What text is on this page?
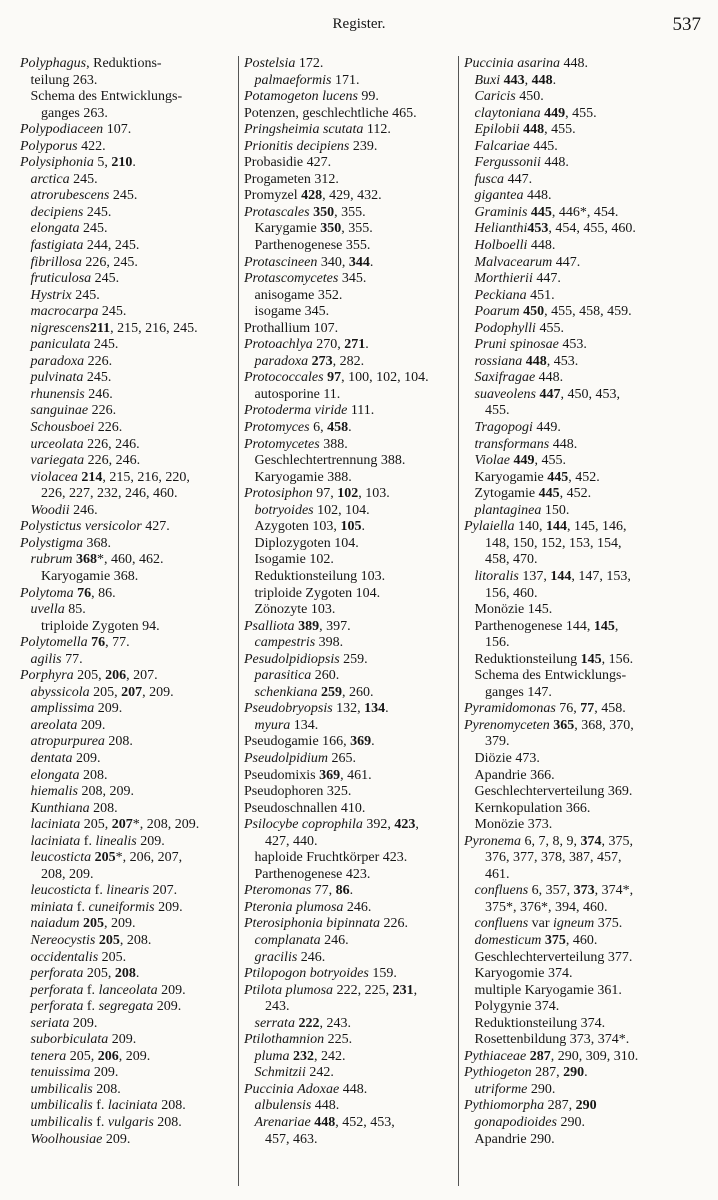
Register.	537
Polyphagus, Reduktions-
teilung 263.
Schema des Entwicklungs-
ganges 263.
Polypodiaceen 107.
Polyporus 422.
Polysiphonia 5, 210.
arctica 245.
atrorubescens 245.
decipiens 245.
elongata 245.
fastigiata 244, 245.
fibrillosa 226, 245.
fruticulosa 245.
Hystrix 245.
macrocarpa 245.
nigrescens211, 215, 216, 245.
paniculata 245.
paradoxa 226.
pulvinata 245.
rhunensis 246.
sanguinae 226.
Schousboei 226.
urceolata 226, 246.
variegata 226, 246.
violacea 214, 215, 216, 220,
226, 227, 232, 246, 460.
Woodii 246.
Polystictus versicolor 427.
Polystigma 368.
rubrum 368*, 460, 462.
Karyogamie 368.
Polytoma 76, 86.
uvella 85.
triploide Zygoten 94.
Polytomella 76, 77.
agilis 77.
Porphyra 205, 206, 207.
abyssicola 205, 207, 209.
amplissima 209.
areolata 209.
atropurpurea 208.
dentata 209.
elongata 208.
hiemalis 208, 209.
Kunthiana 208.
laciniata 205, 207*, 208, 209.
laciniata f. linealis 209.
leucosticta 205*, 206, 207,
208, 209.
leucosticta f. linearis 207.
miniata f. cuneiformis 209.
naiadum 205, 209.
Nereocystis 205, 208.
occidentalis 205.
perforata 205, 208.
perforata f. lanceolata 209.
perforata f. segregata 209.
seriata 209.
suborbiculata 209.
tenera 205, 206, 209.
tenuissima 209.
umbilicalis 208.
umbilicalis f. laciniata 208.
umbilicalis f. vulgaris 208.
Woolhousiae 209.
Postelsia 172.
palmaeformis 171.
Potamogeton lucens 99.
Potenzen, geschlechtliche 465.
Pringsheimia scutata 112.
Prionitis decipiens 239.
Probasidie 427.
Progameten 312.
Promyzel 428, 429, 432.
Protascales 350, 355.
Karygamie 350, 355.
Parthenogenese 355.
Protascineen 340, 344.
Protascomycetes 345.
anisogame 352.
isogame 345.
Prothallium 107.
Protoachlya 270, 271.
paradoxa 273, 282.
Protococcales 97, 100, 102, 104.
autosporine 11.
Protoderma viride 111.
Protomyces 6, 458.
Protomycetes 388.
Geschlechtertrennung 388.
Karyogamie 388.
Protosiphon 97, 102, 103.
botryoides 102, 104.
Azygoten 103, 105.
Diplozygoten 104.
Isogamie 102.
Reduktionsteilung 103.
triploide Zygoten 104.
Zönozyte 103.
Psalliota 389, 397.
campestris 398.
Pesudolpidiopsis 259.
parasitica 260.
schenkiana 259, 260.
Pseudobryopsis 132, 134.
myura 134.
Pseudogamie 166, 369.
Pseudolpidium 265.
Pseudomixis 369, 461.
Pseudophoren 325.
Pseudoschnallen 410.
Psilocybe coprophila 392, 423,
427, 440.
haploide Fruchtkörper 423.
Parthenogenese 423.
Pteromonas 77, 86.
Pteronia plumosa 246.
Pterosiphonia bipinnata 226.
complanata 246.
gracilis 246.
Ptilopogon botryoides 159.
Ptilota plumosa 222, 225, 231,
243.
serrata 222, 243.
Ptilothamnion 225.
pluma 232, 242.
Schmitzii 242.
Puccinia Adoxae 448.
albulensis 448.
Arenariae 448, 452, 453,
457, 463.
Puccinia asarina 448.
Buxi 443, 448.
Caricis 450.
claytoniana 449, 455.
Epilobii 448, 455.
Falcariae 445.
Fergussonii 448.
fusca 447.
gigantea 448.
Graminis 445, 446*, 454.
Helianthi453, 454, 455, 460.
Holboelli 448.
Malvacearum 447.
Morthierii 447.
Peckiana 451.
Poarum 450, 455, 458, 459.
Podophylli 455.
Pruni spinosae 453.
rossiana 448, 453.
Saxifragae 448.
suaveolens 447, 450, 453,
455.
Tragopogi 449.
transformans 448.
Violae 449, 455.
Karyogamie 445, 452.
Zytogamie 445, 452.
plantaginea 150.
Pylaiella 140, 144, 145, 146,
148, 150, 152, 153, 154,
458, 470.
litoralis 137, 144, 147, 153,
156, 460.
Monözie 145.
Parthenogenese 144, 145,
156.
Reduktionsteilung 145, 156.
Schema des Entwicklungs-
ganges 147.
Pyramidomonas 76, 77, 458.
Pyrenomyceten 365, 368, 370,
379.
Diözie 473.
Apandrie 366.
Geschlechterverteilung 369.
Kernkopulation 366.
Monözie 373.
Pyronema 6, 7, 8, 9, 374, 375,
376, 377, 378, 387, 457,
461.
confluens 6, 357, 373, 374*,
375*, 376*, 394, 460.
confluens var igneum 375.
domesticum 375, 460.
Geschlechterverteilung 377.
Karyogomie 374.
multiple Karyogamie 361.
Polygynie 374.
Reduktionsteilung 374.
Rosettenbildung 373, 374*.
Pythiaceae 287, 290, 309, 310.
Pythiogeton 287, 290.
utriforme 290.
Pythiomorpha 287, 290
gonapodioides 290.
Apandrie 290.
